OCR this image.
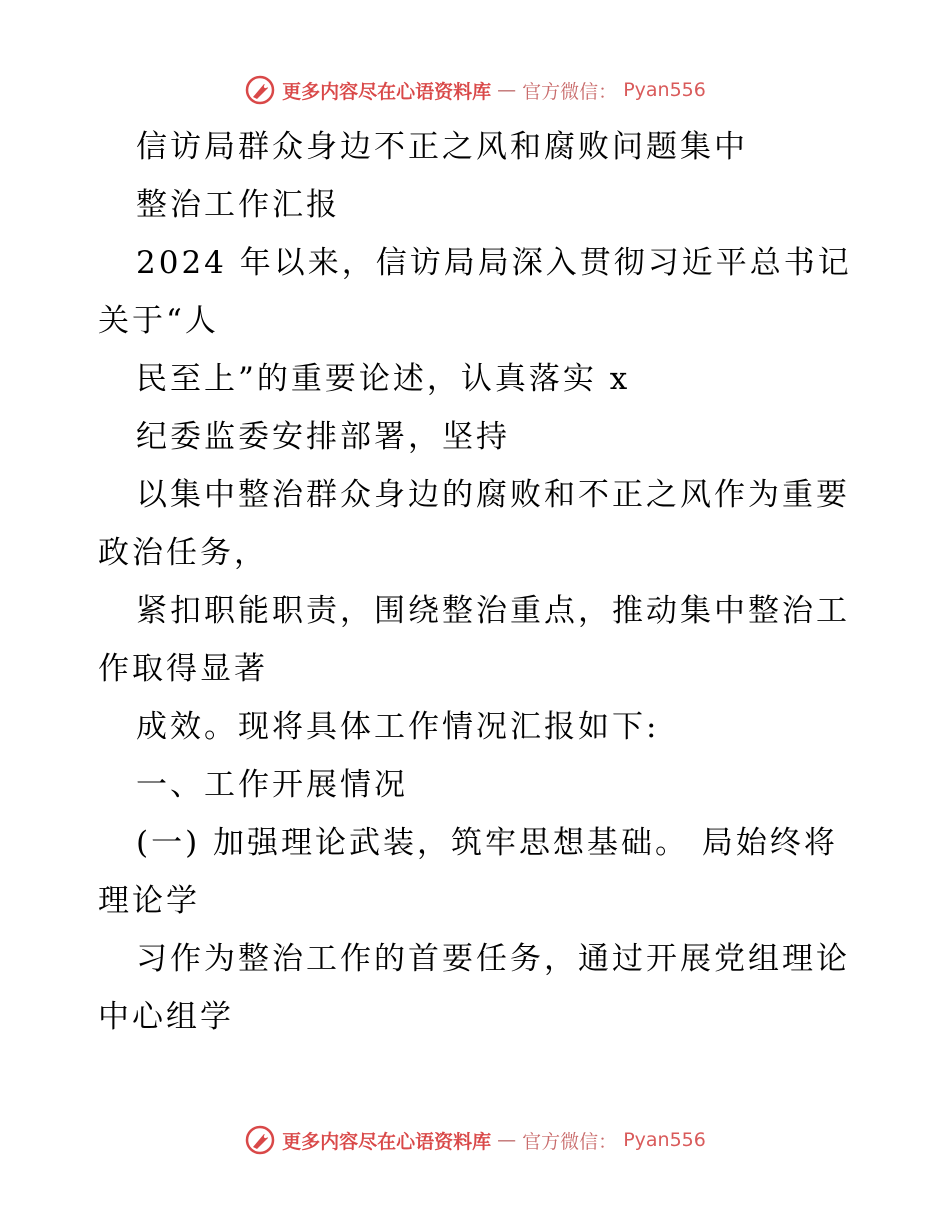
更多内容尽在心语资料库 — 官方微信： Pyan556
信访局群众身边不正之风和腐败问题集中
整治工作汇报
2024 年以来，信访局局深入贯彻习近平总书记
关于“人
民至上”的重要论述，认真落实 x
纪委监委安排部署，坚持
以集中整治群众身边的腐败和不正之风作为重要
政治任务，
紧扣职能职责，围绕整治重点，推动集中整治工
作取得显著
成效。现将具体工作情况汇报如下:
一、工作开展情况
(一) 加强理论武装，筑牢思想基础。 局始终将
理论学
习作为整治工作的首要任务，通过开展党组理论
中心组学
更多内容尽在心语资料库 — 官方微信： Pyan556
